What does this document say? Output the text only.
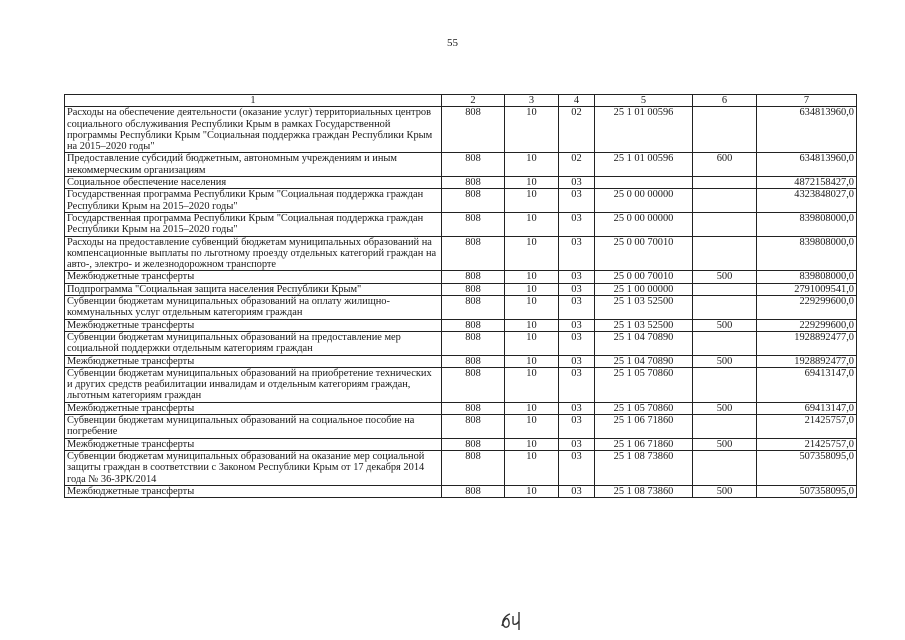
55
1	2	3	4	5	6	7
Расходы на обеспечение деятельности (оказание услуг) территориальных центров социального обслуживания Республики Крым в рамках Государственной программы Республики Крым "Социальная поддержка граждан Республики Крым на 2015–2020 годы"	808	10	02	25 1 01 00596		634813960,0
Предоставление субсидий бюджетным, автономным учреждениям и иным некоммерческим организациям	808	10	02	25 1 01 00596	600	634813960,0
Социальное обеспечение населения	808	10	03			4872158427,0
Государственная программа Республики Крым "Социальная поддержка граждан Республики Крым на 2015–2020 годы"	808	10	03	25 0 00 00000		4323848027,0
Государственная программа Республики Крым "Социальная поддержка граждан Республики Крым на 2015–2020 годы"	808	10	03	25 0 00 00000		839808000,0
Расходы на предоставление субвенций бюджетам муниципальных образований на компенсационные выплаты по льготному проезду отдельных категорий граждан на авто-, электро- и железнодорожном транспорте	808	10	03	25 0 00 70010		839808000,0
Межбюджетные трансферты	808	10	03	25 0 00 70010	500	839808000,0
Подпрограмма "Социальная защита населения Республики Крым"	808	10	03	25 1 00 00000		2791009541,0
Субвенции бюджетам муниципальных образований на оплату жилищно-коммунальных услуг отдельным категориям граждан	808	10	03	25 1 03 52500		229299600,0
Межбюджетные трансферты	808	10	03	25 1 03 52500	500	229299600,0
Субвенции бюджетам муниципальных образований на предоставление мер социальной поддержки отдельным категориям граждан	808	10	03	25 1 04 70890		1928892477,0
Межбюджетные трансферты	808	10	03	25 1 04 70890	500	1928892477,0
Субвенции бюджетам муниципальных образований на приобретение технических и других средств реабилитации инвалидам и отдельным категориям граждан, льготным категориям граждан	808	10	03	25 1 05 70860		69413147,0
Межбюджетные трансферты	808	10	03	25 1 05 70860	500	69413147,0
Субвенции бюджетам муниципальных образований на социальное пособие на погребение	808	10	03	25 1 06 71860		21425757,0
Межбюджетные трансферты	808	10	03	25 1 06 71860	500	21425757,0
Субвенции бюджетам муниципальных образований на оказание мер социальной защиты граждан в соответствии с Законом Республики Крым от 17 декабря 2014 года № 36-ЗРК/2014	808	10	03	25 1 08 73860		507358095,0
Межбюджетные трансферты	808	10	03	25 1 08 73860	500	507358095,0
